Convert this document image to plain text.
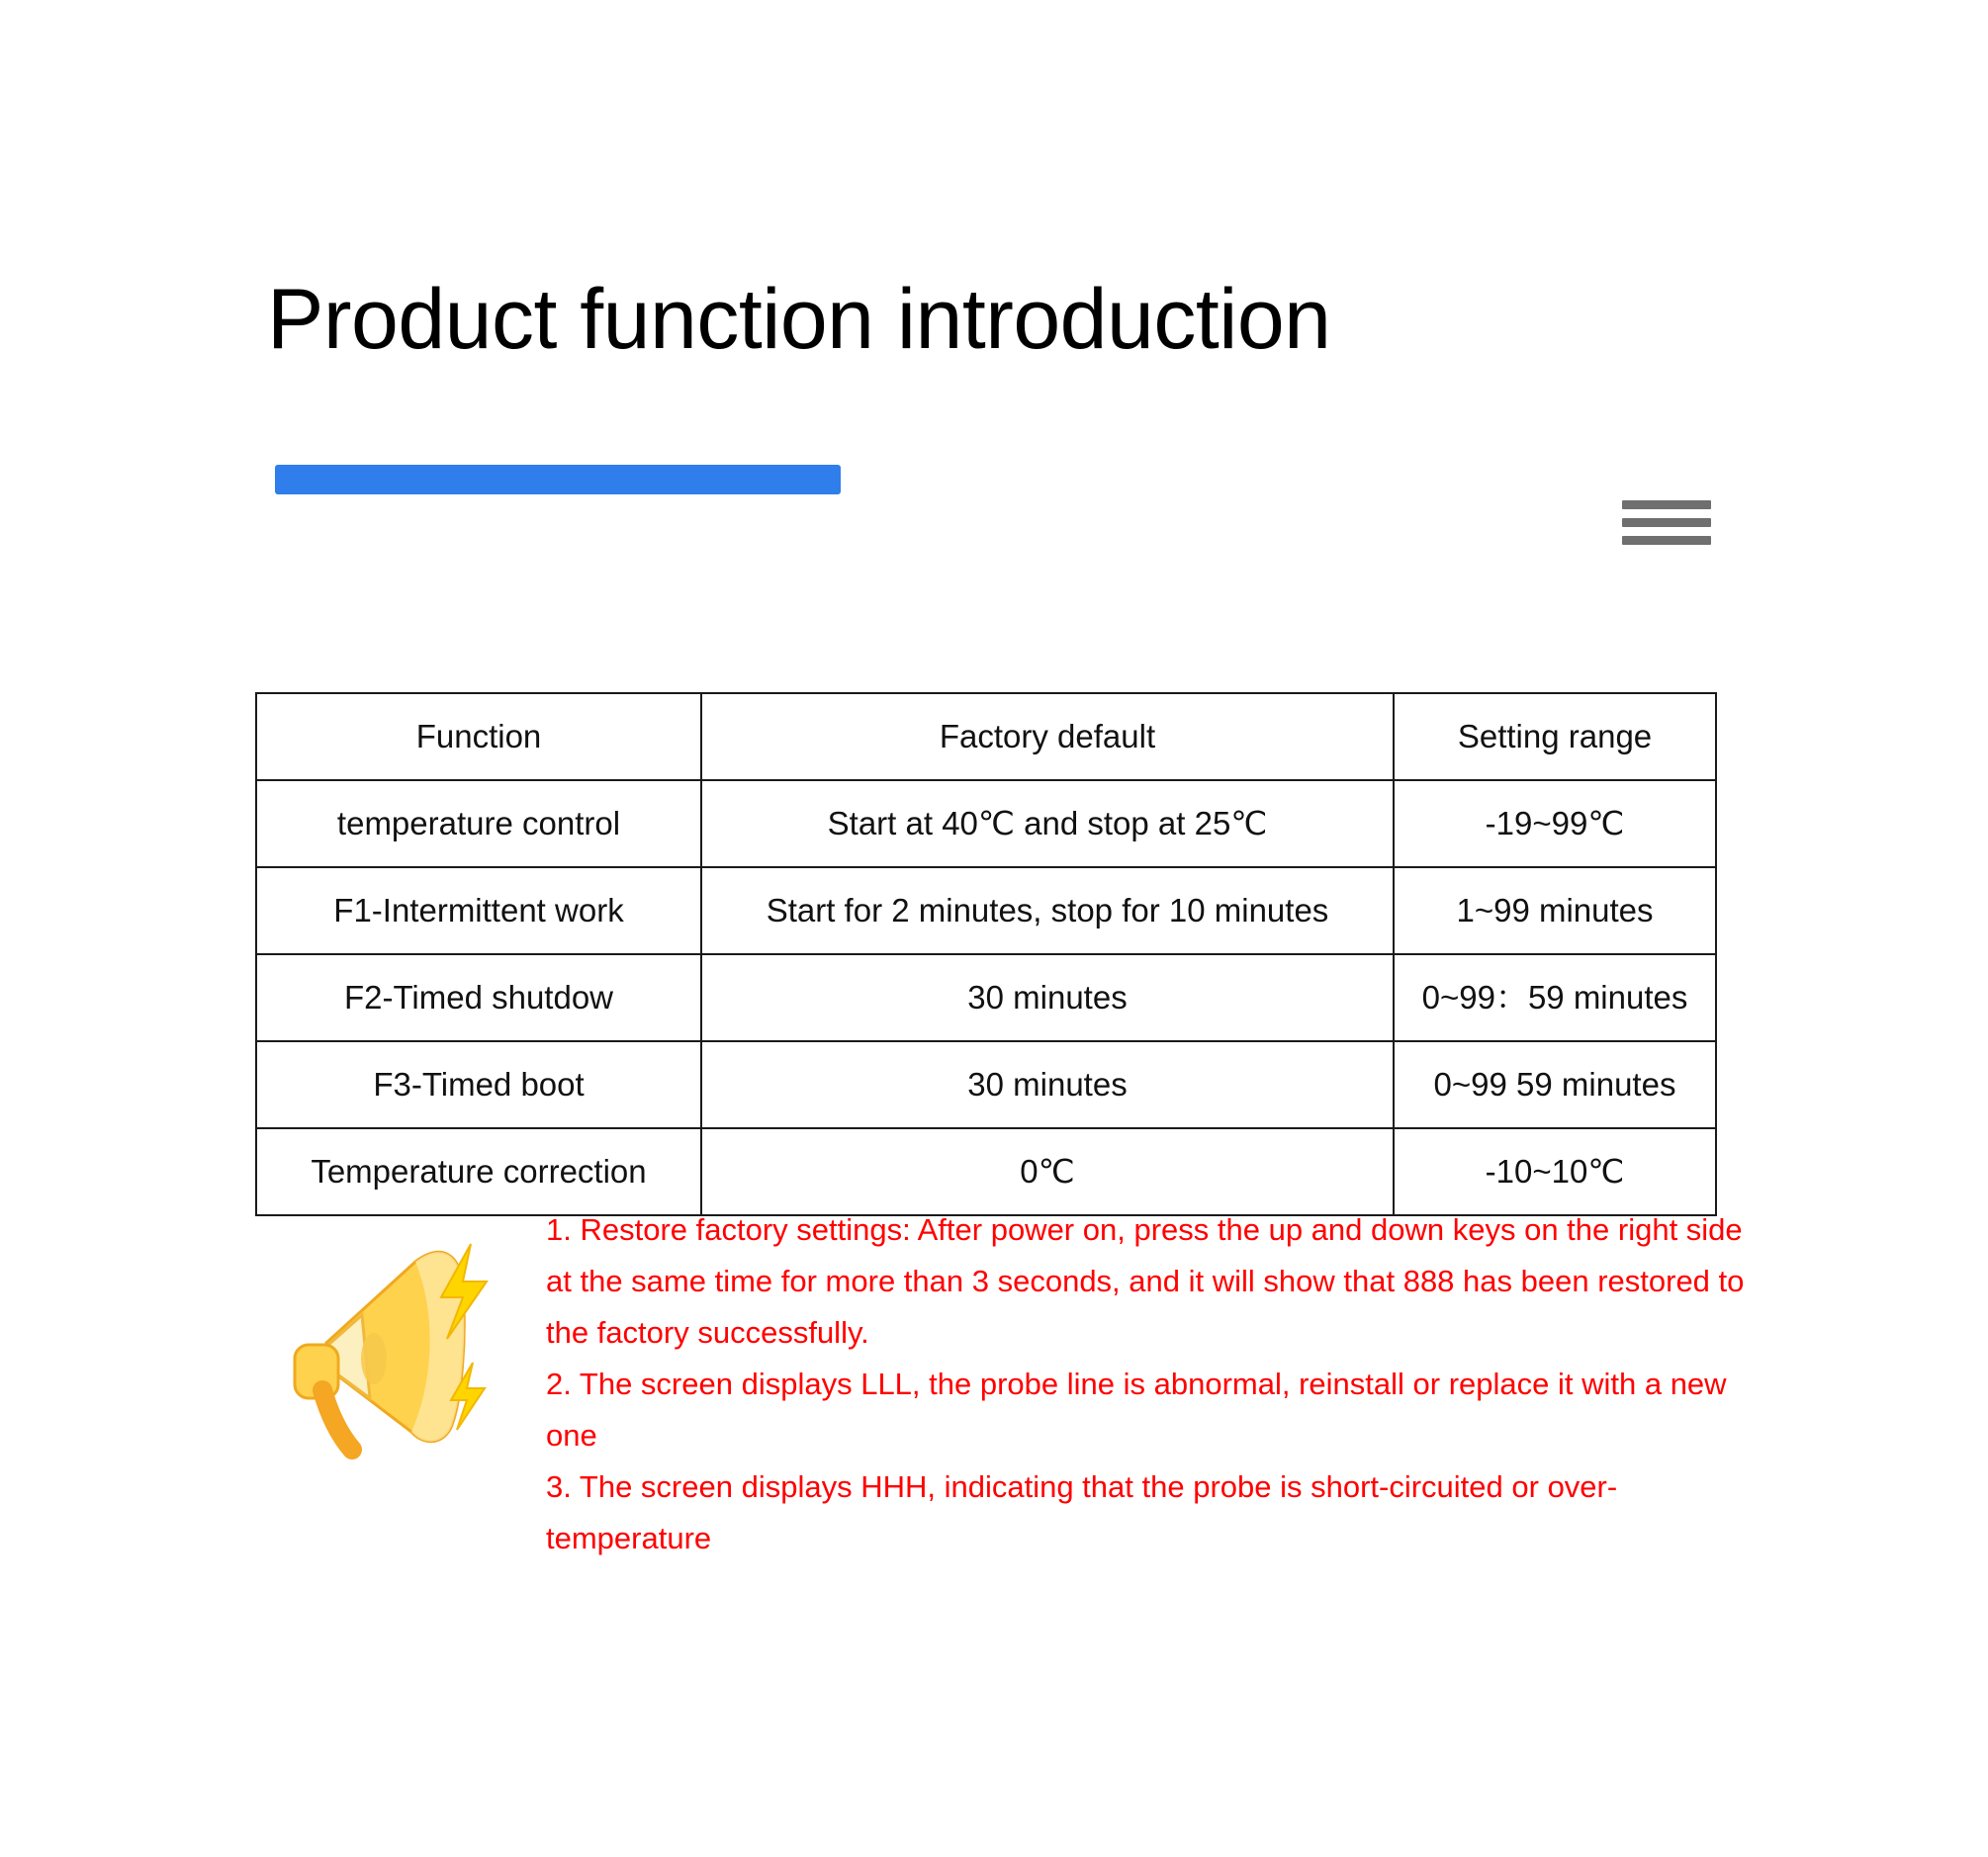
Product function introduction
Function	Factory default	Setting range
temperature control	Start at 40℃ and stop at 25℃	-19~99℃
F1-Intermittent work	Start for 2 minutes, stop for 10 minutes	1~99 minutes
F2-Timed shutdow	30 minutes	0~99：59 minutes
F3-Timed boot	30 minutes	0~99 59 minutes
Temperature correction	0℃	-10~10℃

1. Restore factory settings: After power on, press the up and down keys on the right side at the same time for more than 3 seconds, and it will show that 888 has been restored to the factory successfully.

2. The screen displays LLL, the probe line is abnormal, reinstall or replace it with a new one

3. The screen displays HHH, indicating that the probe is short-circuited or over-temperature
